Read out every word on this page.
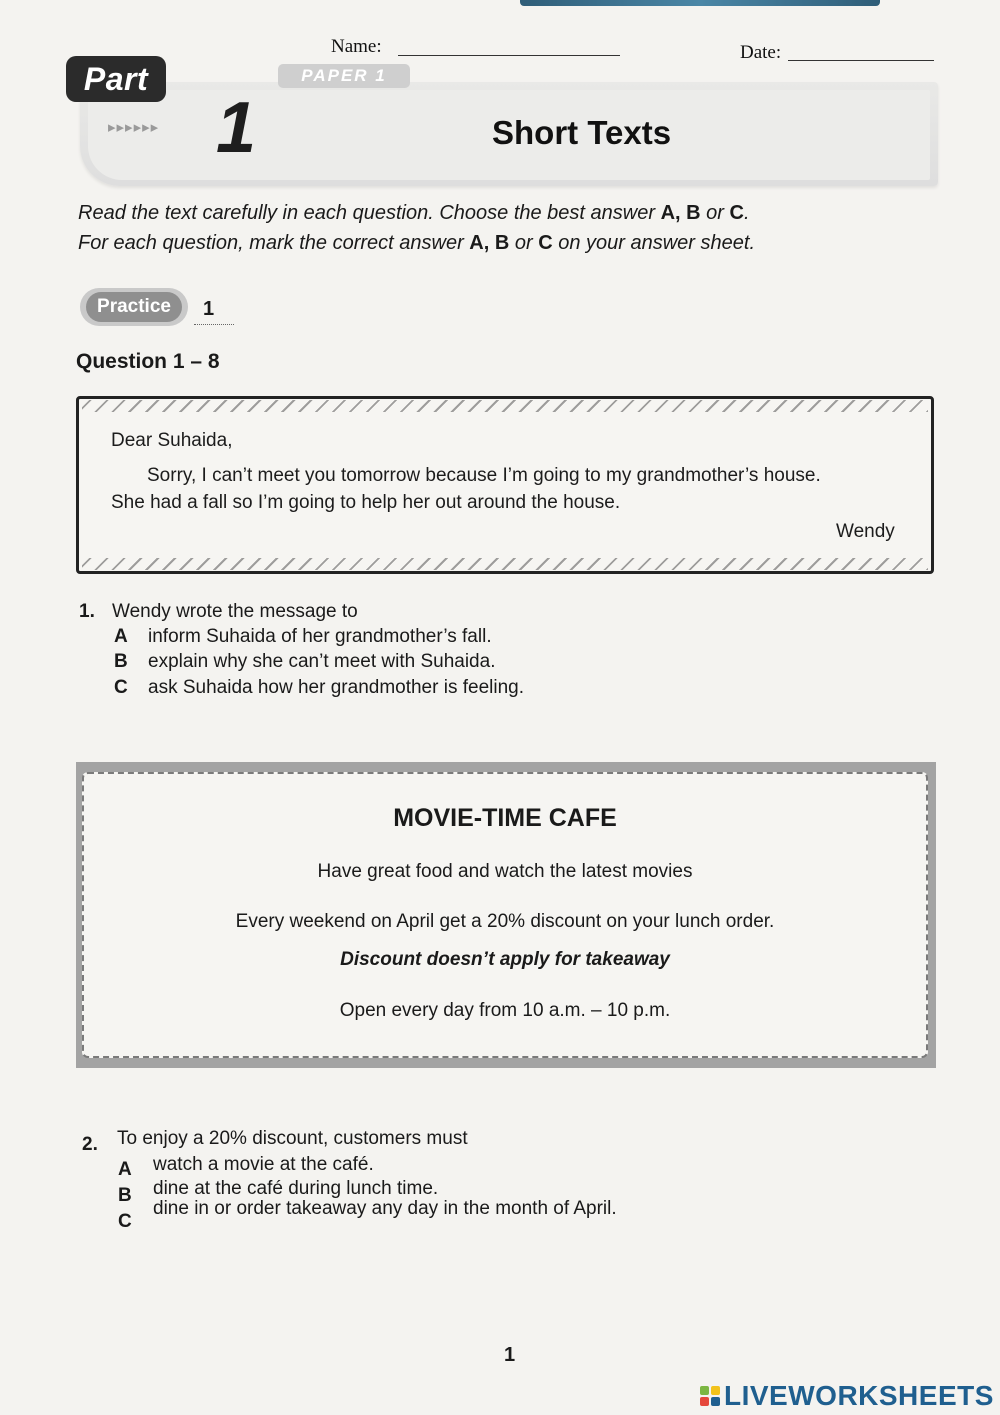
Name:	Date:
Part	PAPER 1
▸▸▸▸▸▸ 1	Short Texts
Read the text carefully in each question. Choose the best answer A, B or C.
For each question, mark the correct answer A, B or C on your answer sheet.
Practice	1
Question 1 – 8
Dear Suhaida,
Sorry, I can’t meet you tomorrow because I’m going to my grandmother’s house.
She had a fall so I’m going to help her out around the house.
Wendy
1. Wendy wrote the message to
A inform Suhaida of her grandmother’s fall.
B explain why she can’t meet with Suhaida.
C ask Suhaida how her grandmother is feeling.
MOVIE-TIME CAFE
Have great food and watch the latest movies
Every weekend on April get a 20% discount on your lunch order.
Discount doesn’t apply for takeaway
Open every day from 10 a.m. – 10 p.m.
2. To enjoy a 20% discount, customers must
A watch a movie at the café.
B dine at the café during lunch time.
C
dine in or order takeaway any day in the month of April.
1
LIVEWORKSHEETS
